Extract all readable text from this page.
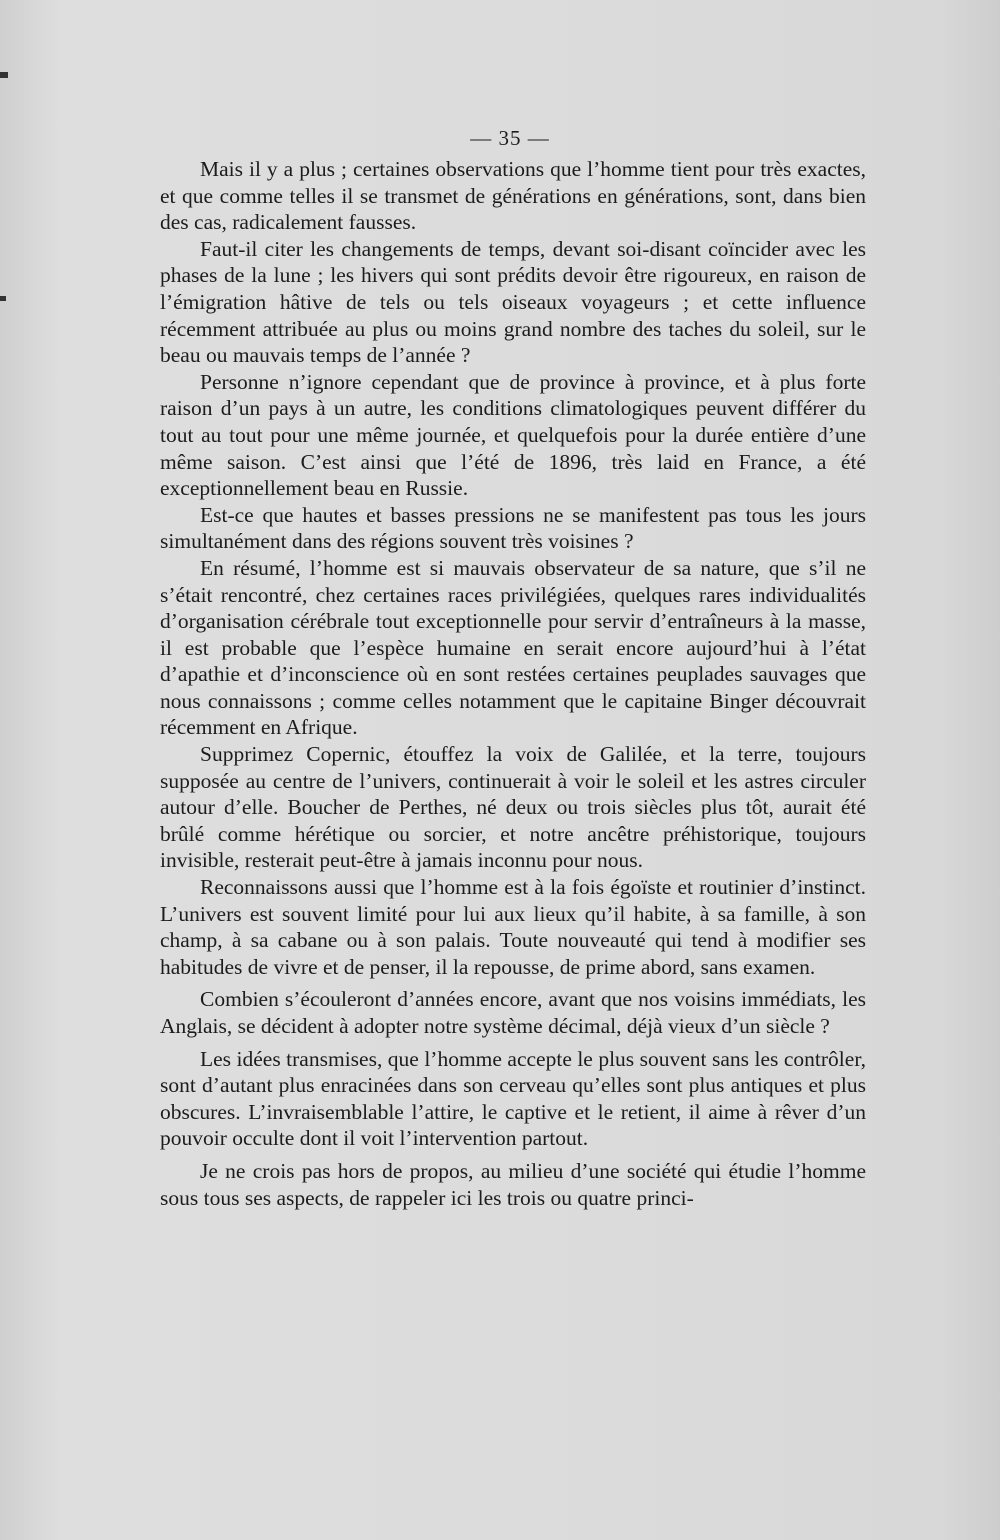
— 35 —

Mais il y a plus ; certaines observations que l’homme tient pour très exactes, et que comme telles il se transmet de générations en générations, sont, dans bien des cas, radicalement fausses.

Faut-il citer les changements de temps, devant soi-disant coïncider avec les phases de la lune ; les hivers qui sont prédits devoir être rigoureux, en raison de l’émigration hâtive de tels ou tels oiseaux voyageurs ; et cette influence récemment attribuée au plus ou moins grand nombre des taches du soleil, sur le beau ou mauvais temps de l’année ?

Personne n’ignore cependant que de province à province, et à plus forte raison d’un pays à un autre, les conditions climatologiques peuvent différer du tout au tout pour une même journée, et quelquefois pour la durée entière d’une même saison. C’est ainsi que l’été de 1896, très laid en France, a été exceptionnellement beau en Russie.

Est-ce que hautes et basses pressions ne se manifestent pas tous les jours simultanément dans des régions souvent très voisines ?

En résumé, l’homme est si mauvais observateur de sa nature, que s’il ne s’était rencontré, chez certaines races privilégiées, quelques rares individualités d’organisation cérébrale tout exceptionnelle pour servir d’entraîneurs à la masse, il est probable que l’espèce humaine en serait encore aujourd’hui à l’état d’apathie et d’inconscience où en sont restées certaines peuplades sauvages que nous connaissons ; comme celles notamment que le capitaine Binger découvrait récemment en Afrique.

Supprimez Copernic, étouffez la voix de Galilée, et la terre, toujours supposée au centre de l’univers, continuerait à voir le soleil et les astres circuler autour d’elle. Boucher de Perthes, né deux ou trois siècles plus tôt, aurait été brûlé comme hérétique ou sorcier, et notre ancêtre préhistorique, toujours invisible, resterait peut-être à jamais inconnu pour nous.

Reconnaissons aussi que l’homme est à la fois égoïste et routinier d’instinct. L’univers est souvent limité pour lui aux lieux qu’il habite, à sa famille, à son champ, à sa cabane ou à son palais. Toute nouveauté qui tend à modifier ses habitudes de vivre et de penser, il la repousse, de prime abord, sans examen.

Combien s’écouleront d’années encore, avant que nos voisins immédiats, les Anglais, se décident à adopter notre système décimal, déjà vieux d’un siècle ?

Les idées transmises, que l’homme accepte le plus souvent sans les contrôler, sont d’autant plus enracinées dans son cerveau qu’elles sont plus antiques et plus obscures. L’invraisemblable l’attire, le captive et le retient, il aime à rêver d’un pouvoir occulte dont il voit l’intervention partout.

Je ne crois pas hors de propos, au milieu d’une société qui étudie l’homme sous tous ses aspects, de rappeler ici les trois ou quatre princi-
